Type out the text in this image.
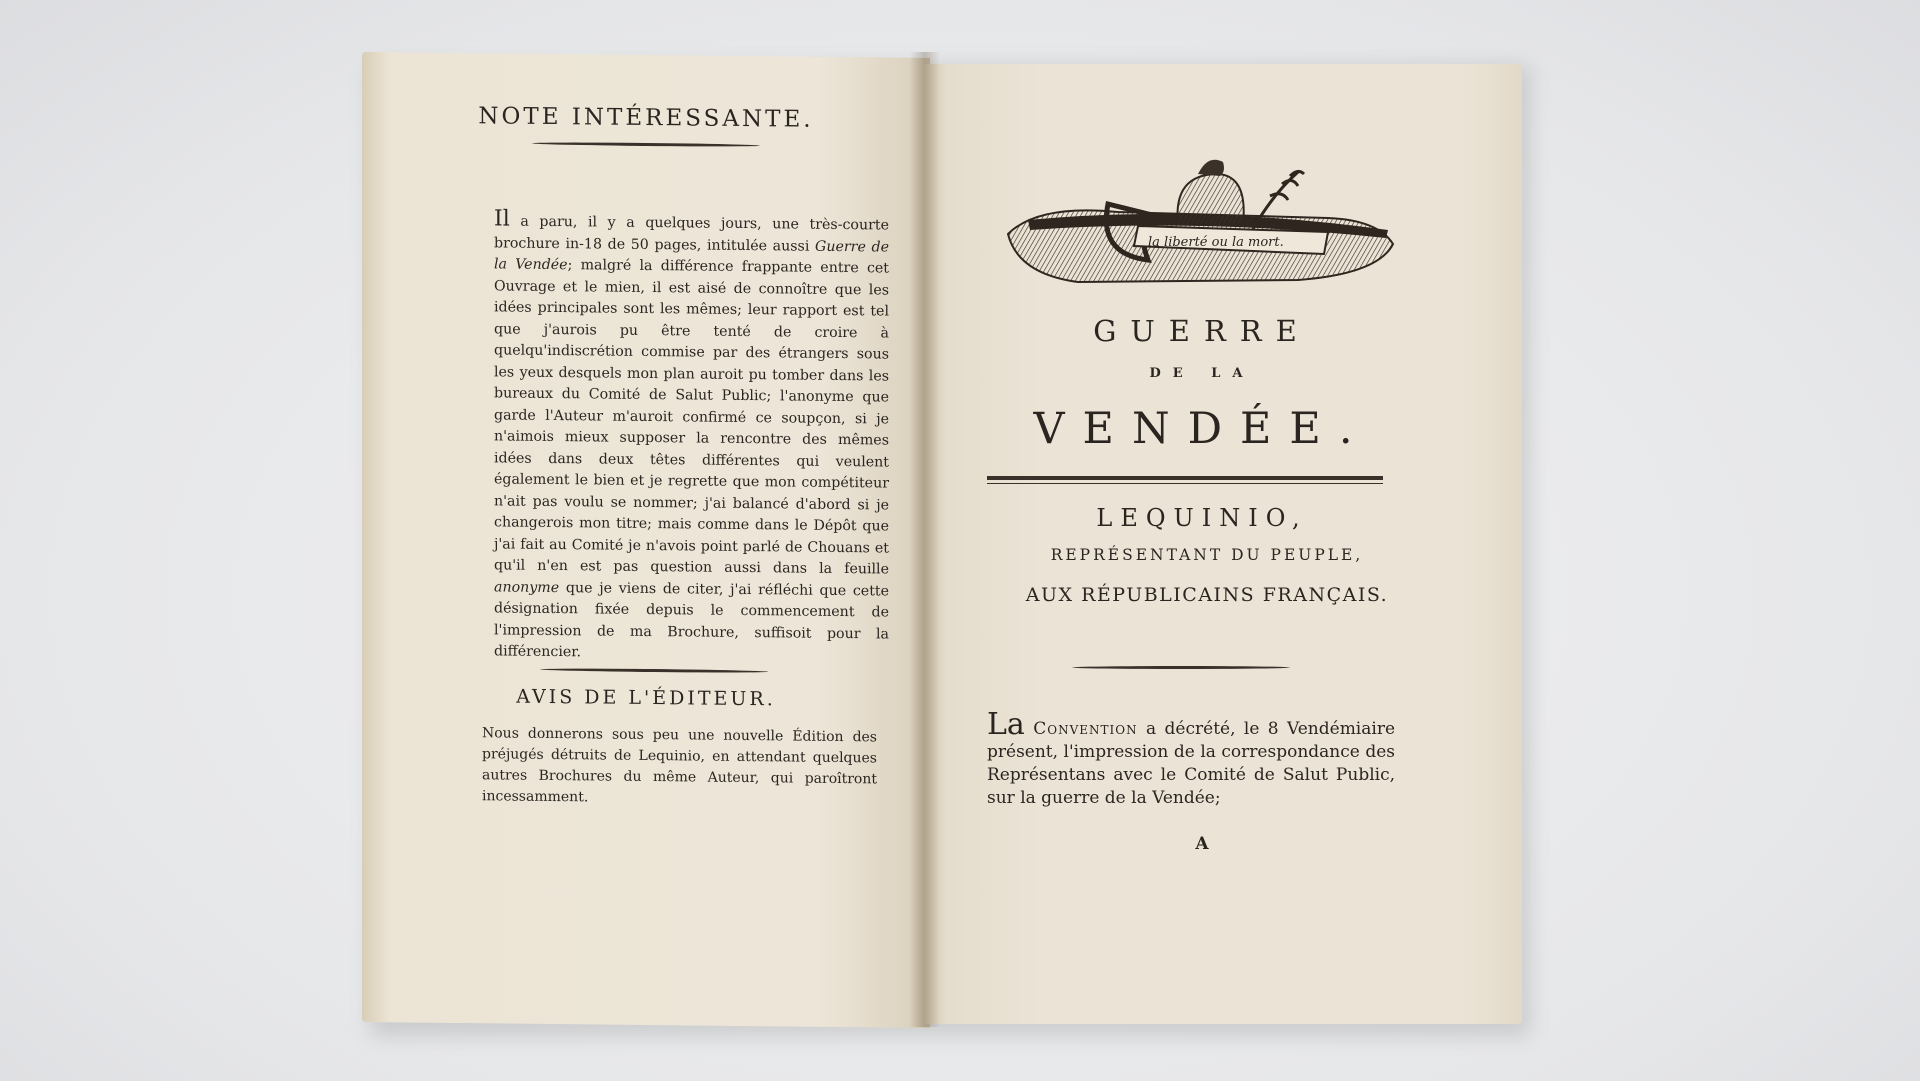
NOTE INTÉRESSANTE.
Il a paru, il y a quelques jours, une très-courte brochure in-18 de 50 pages, intitulée aussi Guerre de la Vendée; malgré la différence frappante entre cet Ouvrage et le mien, il est aisé de connoître que les idées principales sont les mêmes; leur rapport est tel que j'aurois pu être tenté de croire à quelqu'indiscrétion commise par des étrangers sous les yeux desquels mon plan auroit pu tomber dans les bureaux du Comité de Salut Public; l'anonyme que garde l'Auteur m'auroit confirmé ce soupçon, si je n'aimois mieux supposer la rencontre des mêmes idées dans deux têtes différentes qui veulent également le bien et je regrette que mon compétiteur n'ait pas voulu se nommer; j'ai balancé d'abord si je changerois mon titre; mais comme dans le Dépôt que j'ai fait au Comité je n'avois point parlé de Chouans et qu'il n'en est pas question aussi dans la feuille anonyme que je viens de citer, j'ai réfléchi que cette désignation fixée depuis le commencement de l'impression de ma Brochure, suffisoit pour la différencier.
AVIS DE L'ÉDITEUR.
Nous donnerons sous peu une nouvelle Édition des préjugés détruits de Lequinio, en attendant quelques autres Brochures du même Auteur, qui paroîtront incessamment.
la liberté ou la mort.
GUERRE
DE LA
VENDÉE.
LEQUINIO,
REPRÉSENTANT DU PEUPLE,
AUX RÉPUBLICAINS FRANÇAIS.
La Convention a décrété, le 8 Vendémiaire présent, l'impression de la correspondance des Représentans avec le Comité de Salut Public, sur la guerre de la Vendée;
A
